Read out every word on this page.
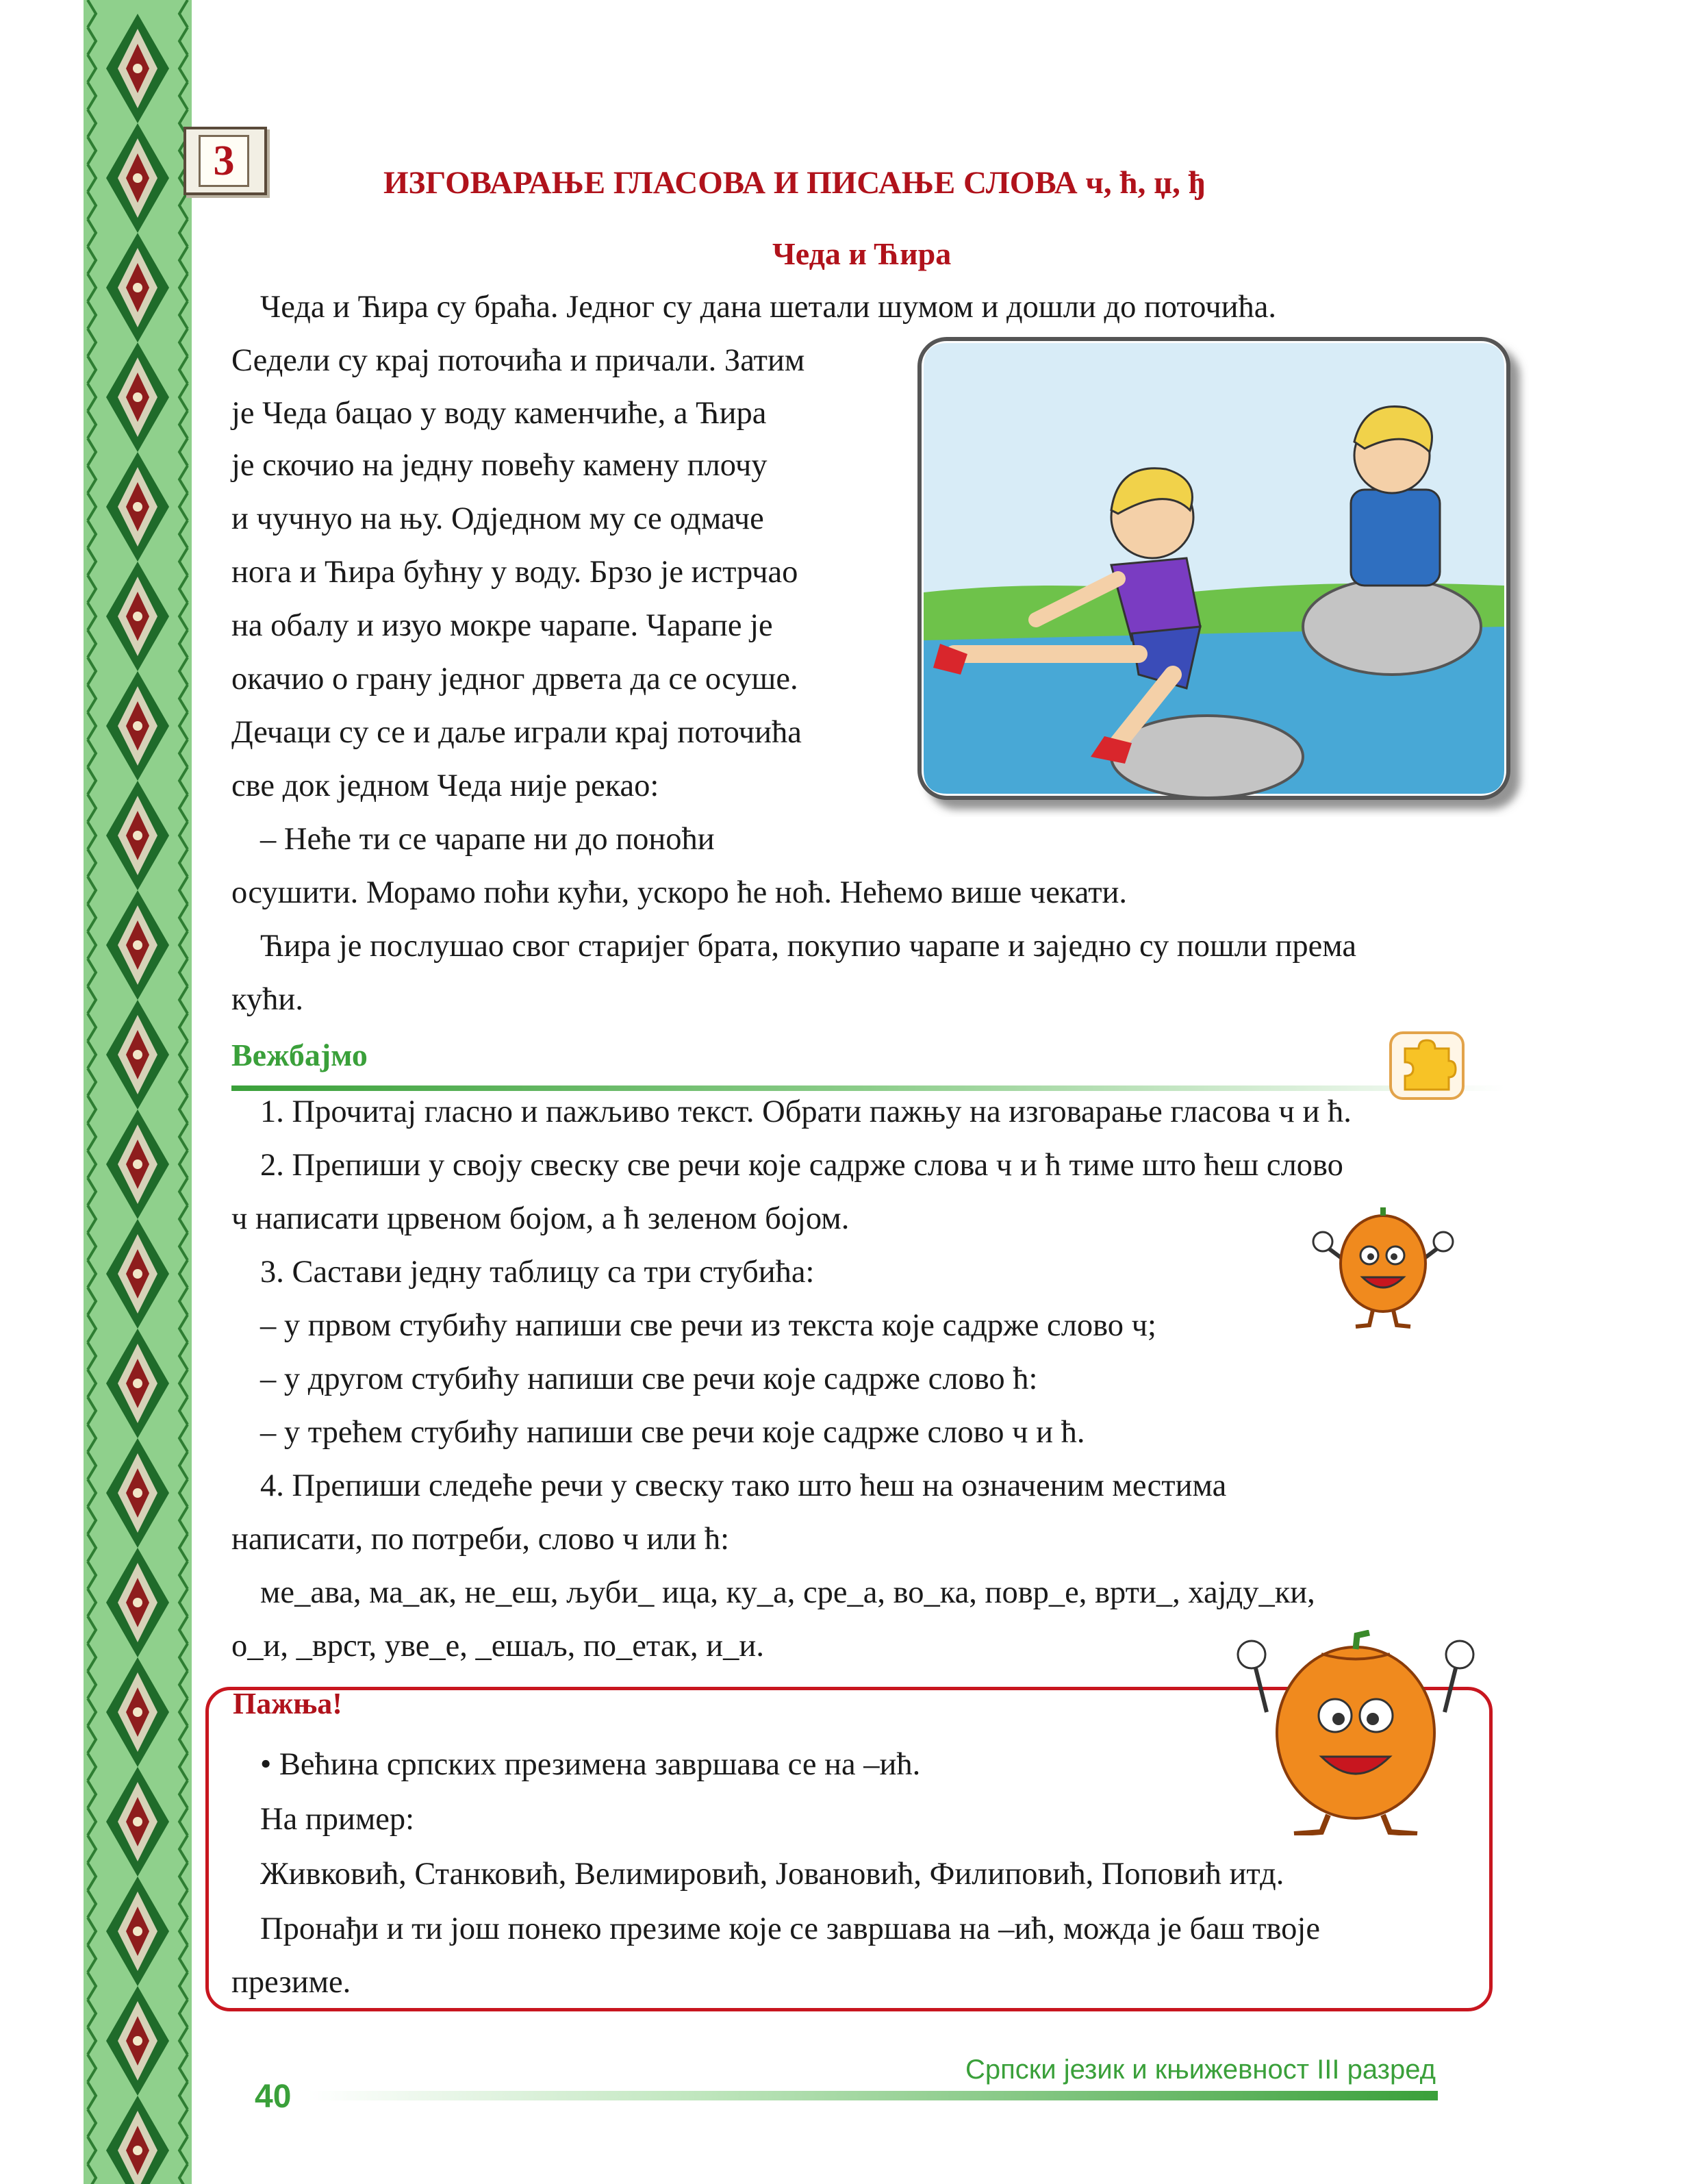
3	ИЗГОВАРАЊЕ ГЛАСОВА И ПИСАЊЕ СЛОВА ч, ћ, џ, ђ
Чеда и Ћира
Чеда и Ћира су браћа. Једног су дана шетали шумом и дошли до поточића.
Седели су крај поточића и причали. Затим
је Чеда бацао у воду каменчиће, а Ћира
је скочио на једну повећу камену плочу
и чучнуо на њу. Одједном му се одмаче
нога и Ћира бућну у воду. Брзо је истрчао
на обалу и изуо мокре чарапе. Чарапе је
окачио о грану једног дрвета да се осуше.
Дечаци су се и даље играли крај поточића
све док једном Чеда није рекао:
– Нећe ти се чарапе ни до поноћи
осушити. Морамо поћи кући, ускоро ће ноћ. Нећемо више чекати.
Ћира је послушао свог старијег брата, покупио чарапе и заједно су пошли према
кући.
Вежбајмо
1. Прочитај гласно и пажљиво текст. Обрати пажњу на изговарање гласова ч и ћ.
2. Препиши у своју свеску све речи које садрже слова ч и ћ тиме што ћеш слово
ч написати црвеном бојом, а ћ зеленом бојом.
3. Састави једну таблицу са три стубића:
– у првом стубићу напиши све речи из текста које садрже слово ч;
– у другом стубићу напиши све речи које садрже слово ћ:
– у трећем стубићу напиши све речи које садрже слово ч и ћ.
4. Препиши следеће речи у свеску тако што ћеш на означеним местима
написати, по потреби, слово ч или ћ:
ме_ава, ма_ак, не_еш, љуби_ ица, ку_а, сре_а, во_ка, повр_е, врти_, хајду_ки,
о_и, _врст, уве_е, _ешаљ, по_етак, и_и.
Пажња!
• Већина српских презимена завршава се на –ић.
На пример:
Живковић, Станковић, Велимировић, Јовановић, Филиповић, Поповић итд.
Пронађи и ти још понеко презиме које се завршава на –ић, можда је баш твоје
презиме.
Српски језик и књижевност III разред
40
